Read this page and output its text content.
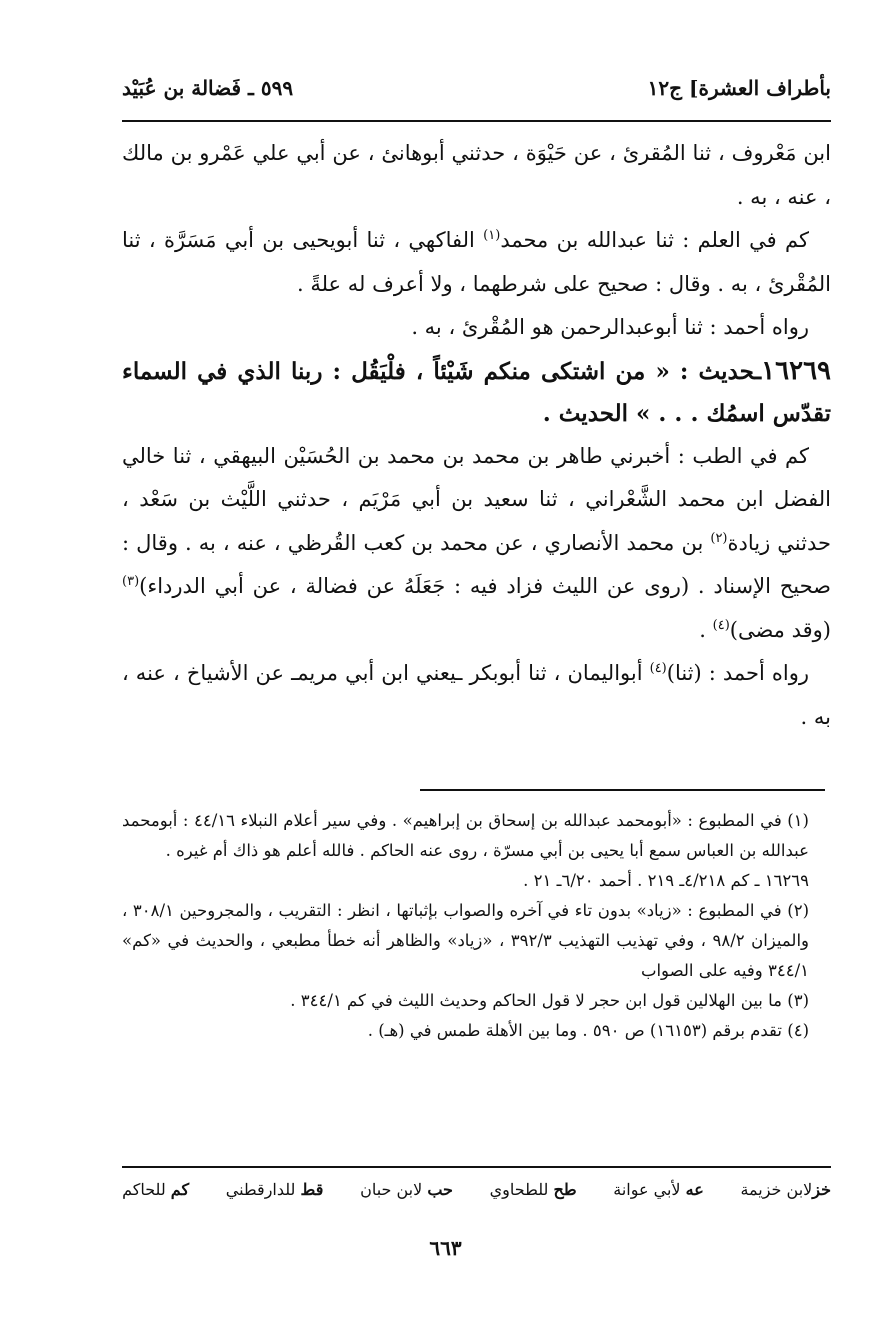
بأطراف العشرة] ج١٢
٥٩٩ ـ فَضالة بن عُبَيْد

ابن مَعْروف ، ثنا المُقرئ ، عن حَيْوَة ، حدثني أبوهانئ ، عن أبي علي عَمْرو بن مالك ، عنه ، به .

كم في العلم : ثنا عبدالله بن محمد$^{(١)}$ الفاكهي ، ثنا أبويحيى بن أبي مَسَرَّة ، ثنا المُقْرئ ، به . وقال : صحيح على شرطهما ، ولا أعرف له علةً .

رواه أحمد : ثنا أبوعبدالرحمن هو المُقْرئ ، به .

١٦٢٦٩ـحديث : « من اشتكى منكم شَيْئاً ، فلْيَقُل : ربنا الذي في السماء تقدّس اسمُك . . . » الحديث .

كم في الطب : أخبرني طاهر بن محمد بن محمد بن الحُسَيْن البيهقي ، ثنا خالي الفضل ابن محمد الشَّعْراني ، ثنا سعيد بن أبي مَرْيَم ، حدثني اللَّيْث بن سَعْد ، حدثني زيادة$^{(٢)}$ بن محمد الأنصاري ، عن محمد بن كعب القُرظي ، عنه ، به . وقال : صحيح الإسناد . (روى عن الليث فزاد فيه : جَعَلَهُ عن فضالة ، عن أبي الدرداء)$^{(٣)}$ (وقد مضى)$^{(٤)}$ .

رواه أحمد : (ثنا)$^{(٤)}$ أبواليمان ، ثنا أبوبكر ـيعني ابن أبي مريمـ عن الأشياخ ، عنه ، به .

(١) في المطبوع : «أبومحمد عبدالله بن إسحاق بن إبراهيم» . وفي سير أعلام النبلاء ٤٤/١٦ : أبومحمد عبدالله بن العباس سمع أبا يحيى بن أبي مسرّة ، روى عنه الحاكم . فالله أعلم هو ذاك أم غيره .

١٦٢٦٩ ـ كم ٤/٢١٨ـ ٢١٩ . أحمد ٦/٢٠ـ ٢١ .

(٢) في المطبوع : «زياد» بدون تاء في آخره والصواب بإثباتها ، انظر : التقريب ، والمجروحين ٣٠٨/١ ، والميزان ٩٨/٢ ، وفي تهذيب التهذيب ٣٩٢/٣ ، «زياد» والظاهر أنه خطأ مطبعي ، والحديث في «كم» ٣٤٤/١ وفيه على الصواب

(٣) ما بين الهلالين قول ابن حجر لا قول الحاكم وحديث الليث في كم ٣٤٤/١ .

(٤) تقدم برقم (١٦١٥٣) ص ٥٩٠ . وما بين الأهلة طمس في (هـ) .

خزلابن خزيمة
عه لأبي عوانة
طح للطحاوي
حب لابن حبان
قط للدارقطني
كم للحاكم
٦٦٣
